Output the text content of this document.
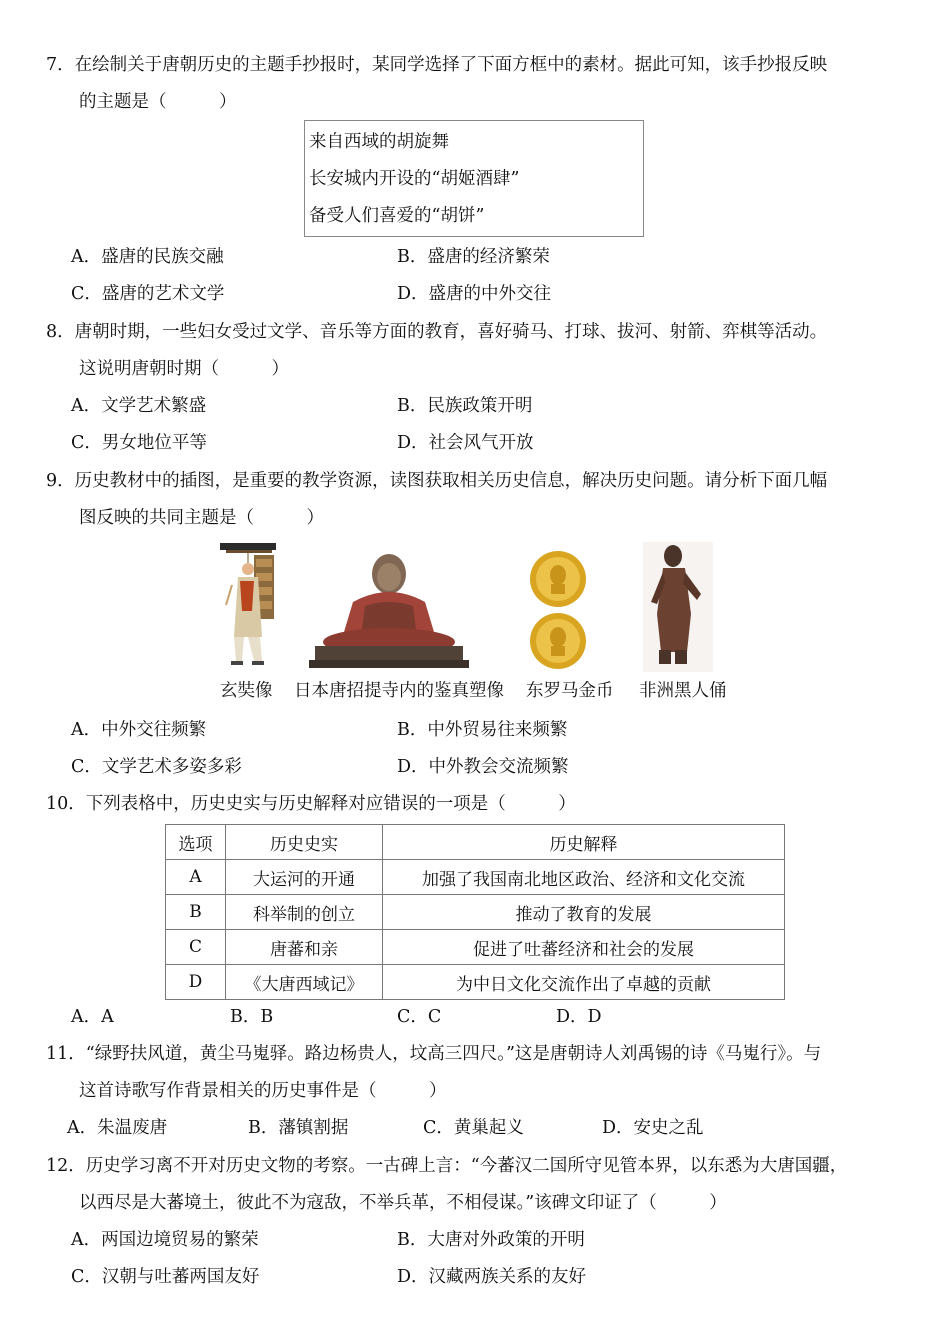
7．在绘制关于唐朝历史的主题手抄报时，某同学选择了下面方框中的素材。据此可知，该手抄报反映
的主题是（　　　）
来自西域的胡旋舞
长安城内开设的“胡姬酒肆”
备受人们喜爱的“胡饼”
A．盛唐的民族交融	B．盛唐的经济繁荣
C．盛唐的艺术文学	D．盛唐的中外交往
8．唐朝时期，一些妇女受过文学、音乐等方面的教育，喜好骑马、打球、拔河、射箭、弈棋等活动。
这说明唐朝时期（　　　）
A．文学艺术繁盛	B．民族政策开明
C．男女地位平等	D．社会风气开放
9．历史教材中的插图，是重要的教学资源，读图获取相关历史信息，解决历史问题。请分析下面几幅
图反映的共同主题是（　　　）
玄奘像 日本唐招提寺内的鉴真塑像 东罗马金币 非洲黑人俑
A．中外交往频繁	B．中外贸易往来频繁
C．文学艺术多姿多彩	D．中外教会交流频繁
10．下列表格中，历史史实与历史解释对应错误的一项是（　　　）
选项	历史史实	历史解释
A	大运河的开通	加强了我国南北地区政治、经济和文化交流
B	科举制的创立	推动了教育的发展
C	唐蕃和亲	促进了吐蕃经济和社会的发展
D	《大唐西域记》	为中日文化交流作出了卓越的贡献
A．A	B．B	C．C	D．D
11．“绿野扶风道，黄尘马嵬驿。路边杨贵人，坟高三四尺。”这是唐朝诗人刘禹锡的诗《马嵬行》。与
这首诗歌写作背景相关的历史事件是（　　　）
A．朱温废唐	B．藩镇割据	C．黄巢起义	D．安史之乱
12．历史学习离不开对历史文物的考察。一古碑上言：“今蕃汉二国所守见管本界，以东悉为大唐国疆，
以西尽是大蕃境土，彼此不为寇敌，不举兵革，不相侵谋。”该碑文印证了（　　　）
A．两国边境贸易的繁荣	B．大唐对外政策的开明
C．汉朝与吐蕃两国友好	D．汉藏两族关系的友好
